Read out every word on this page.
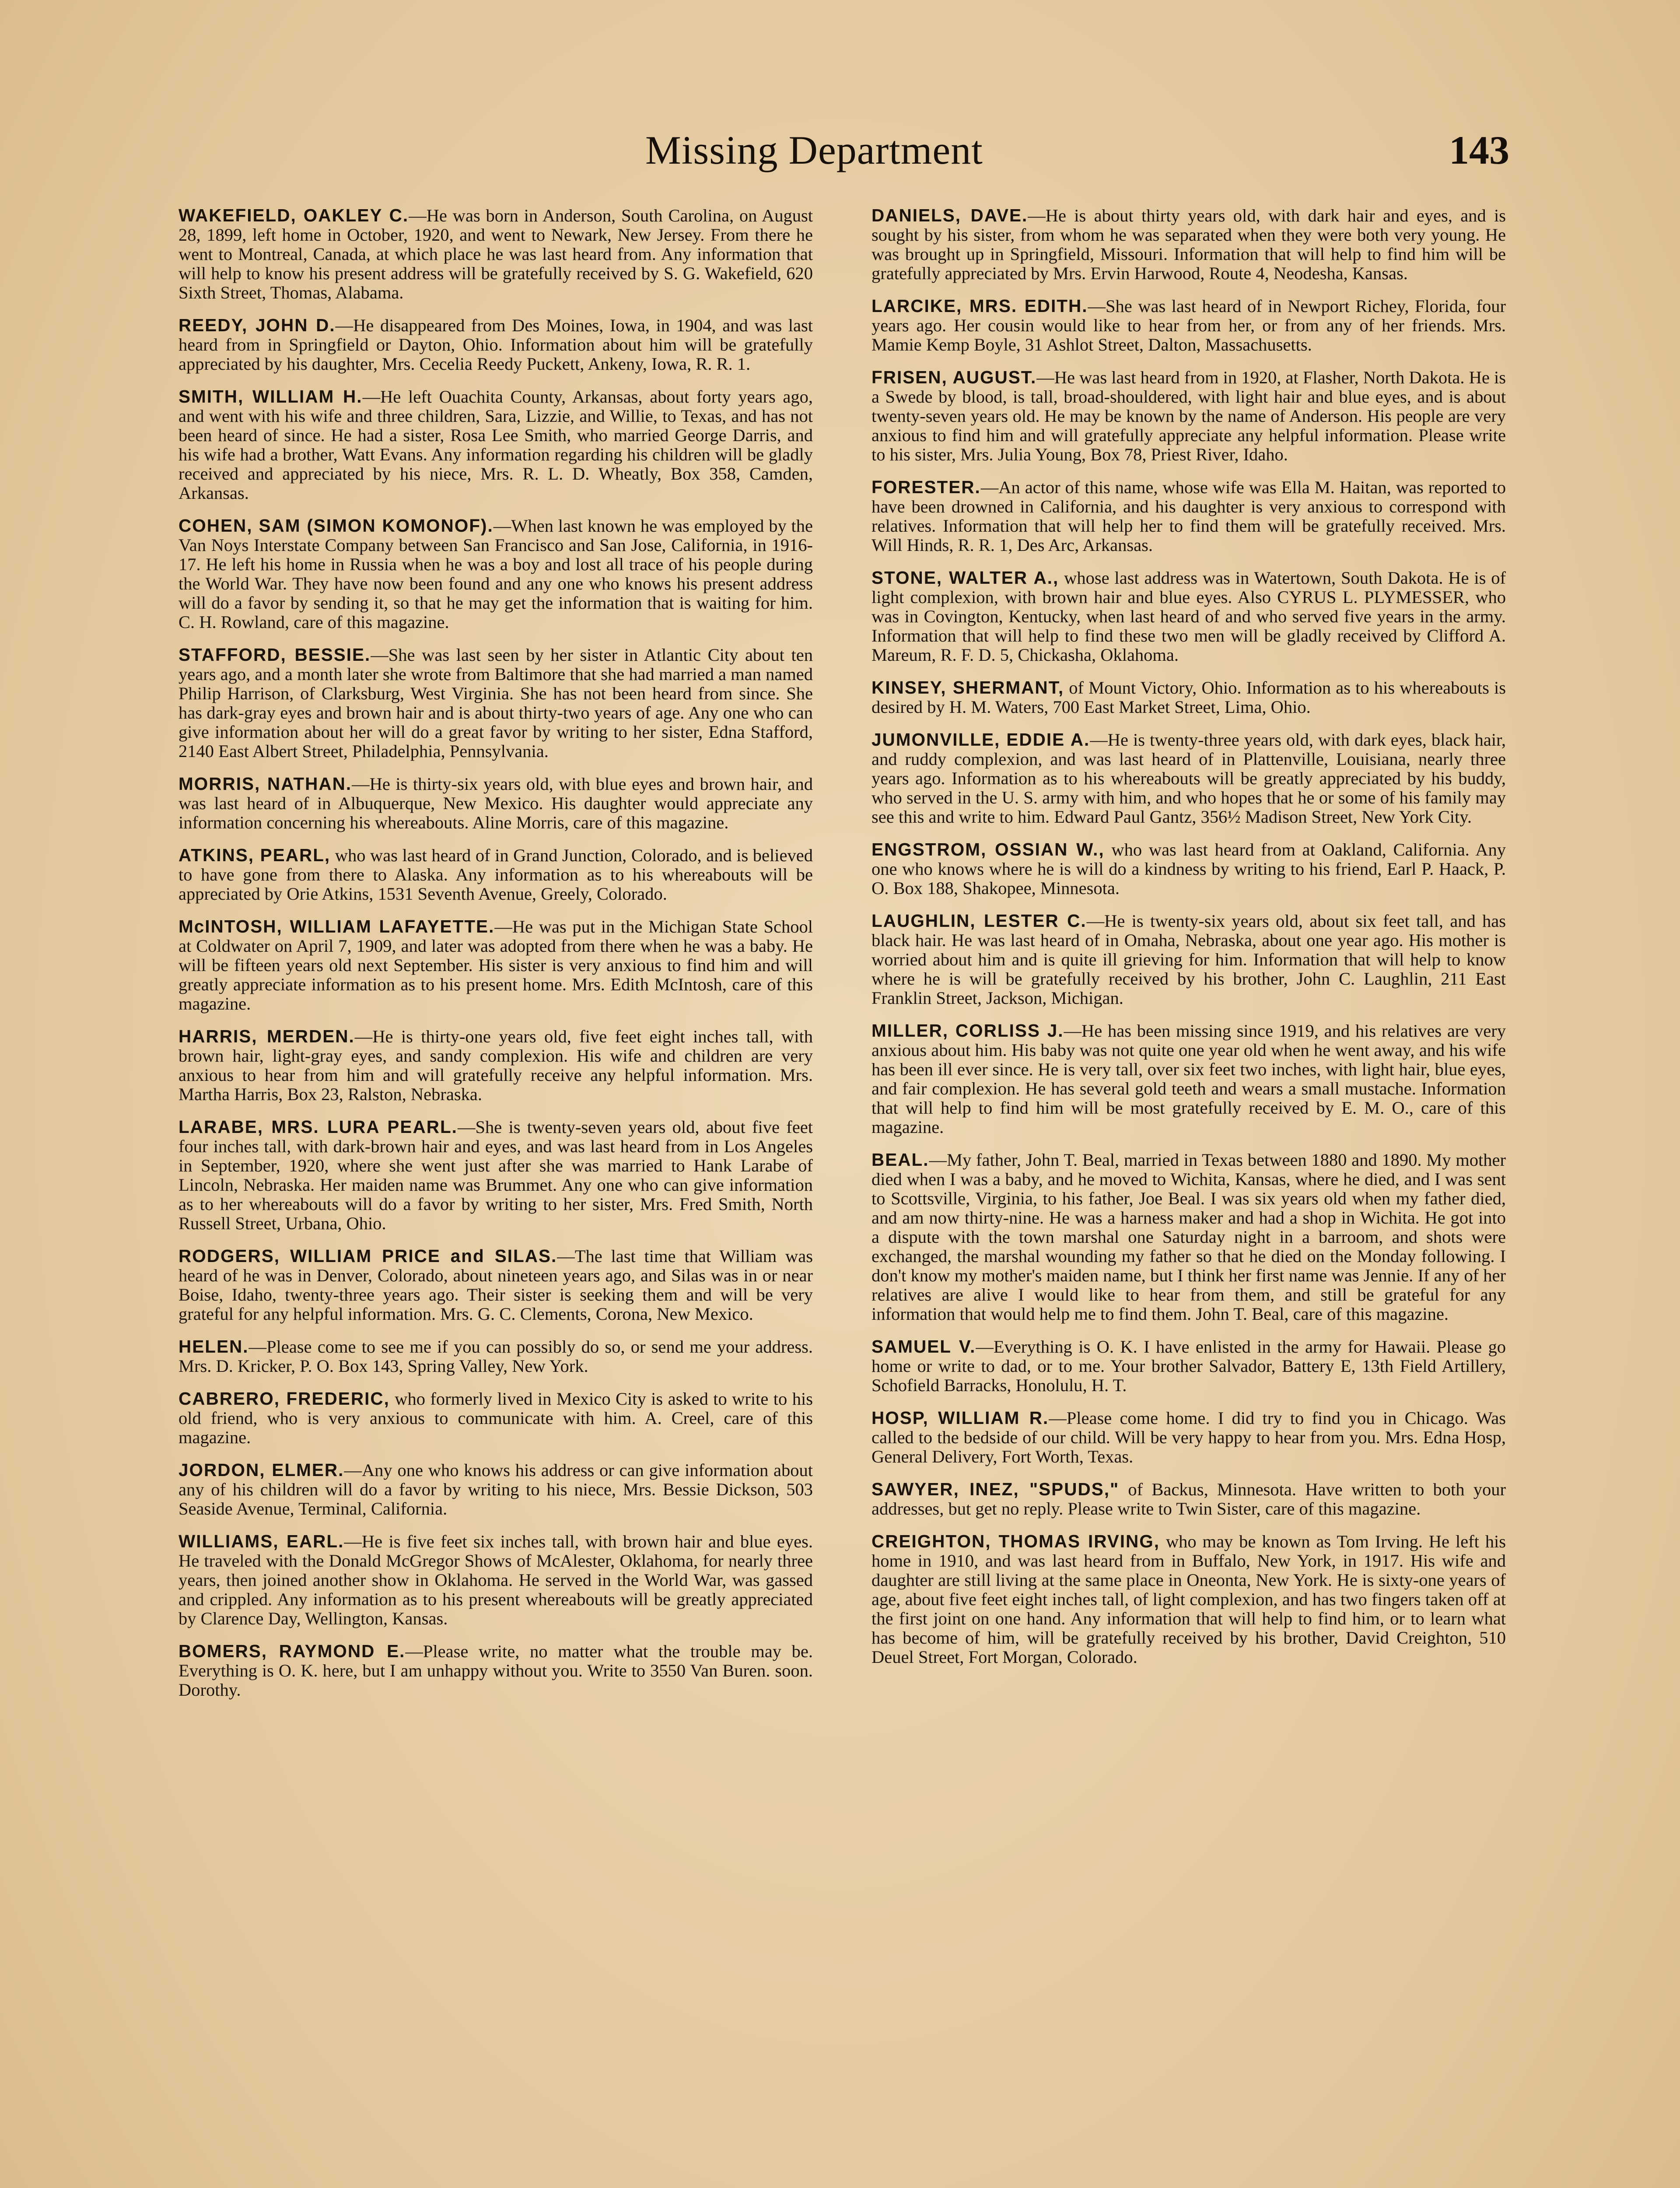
Missing Department	143

WAKEFIELD, OAKLEY C.—He was born in Anderson, South Carolina, on August 28, 1899, left home in October, 1920, and went to Newark, New Jersey. From there he went to Montreal, Canada, at which place he was last heard from. Any information that will help to know his present address will be gratefully received by S. G. Wakefield, 620 Sixth Street, Thomas, Alabama.

REEDY, JOHN D.—He disappeared from Des Moines, Iowa, in 1904, and was last heard from in Springfield or Dayton, Ohio. Information about him will be gratefully appreciated by his daughter, Mrs. Cecelia Reedy Puckett, Ankeny, Iowa, R. R. 1.

SMITH, WILLIAM H.—He left Ouachita County, Arkansas, about forty years ago, and went with his wife and three children, Sara, Lizzie, and Willie, to Texas, and has not been heard of since. He had a sister, Rosa Lee Smith, who married George Darris, and his wife had a brother, Watt Evans. Any information regarding his children will be gladly received and appreciated by his niece, Mrs. R. L. D. Wheatly, Box 358, Camden, Arkansas.

COHEN, SAM (SIMON KOMONOF).—When last known he was employed by the Van Noys Interstate Company between San Francisco and San Jose, California, in 1916-17. He left his home in Russia when he was a boy and lost all trace of his people during the World War. They have now been found and any one who knows his present address will do a favor by sending it, so that he may get the information that is waiting for him. C. H. Rowland, care of this magazine.

STAFFORD, BESSIE.—She was last seen by her sister in Atlantic City about ten years ago, and a month later she wrote from Baltimore that she had married a man named Philip Harrison, of Clarksburg, West Virginia. She has not been heard from since. She has dark-gray eyes and brown hair and is about thirty-two years of age. Any one who can give information about her will do a great favor by writing to her sister, Edna Stafford, 2140 East Albert Street, Philadelphia, Pennsylvania.

MORRIS, NATHAN.—He is thirty-six years old, with blue eyes and brown hair, and was last heard of in Albuquerque, New Mexico. His daughter would appreciate any information concerning his whereabouts. Aline Morris, care of this magazine.

ATKINS, PEARL, who was last heard of in Grand Junction, Colorado, and is believed to have gone from there to Alaska. Any information as to his whereabouts will be appreciated by Orie Atkins, 1531 Seventh Avenue, Greely, Colorado.

McINTOSH, WILLIAM LAFAYETTE.—He was put in the Michigan State School at Coldwater on April 7, 1909, and later was adopted from there when he was a baby. He will be fifteen years old next September. His sister is very anxious to find him and will greatly appreciate information as to his present home. Mrs. Edith McIntosh, care of this magazine.

HARRIS, MERDEN.—He is thirty-one years old, five feet eight inches tall, with brown hair, light-gray eyes, and sandy complexion. His wife and children are very anxious to hear from him and will gratefully receive any helpful information. Mrs. Martha Harris, Box 23, Ralston, Nebraska.

LARABE, MRS. LURA PEARL.—She is twenty-seven years old, about five feet four inches tall, with dark-brown hair and eyes, and was last heard from in Los Angeles in September, 1920, where she went just after she was married to Hank Larabe of Lincoln, Nebraska. Her maiden name was Brummet. Any one who can give information as to her whereabouts will do a favor by writing to her sister, Mrs. Fred Smith, North Russell Street, Urbana, Ohio.

RODGERS, WILLIAM PRICE and SILAS.—The last time that William was heard of he was in Denver, Colorado, about nineteen years ago, and Silas was in or near Boise, Idaho, twenty-three years ago. Their sister is seeking them and will be very grateful for any helpful information. Mrs. G. C. Clements, Corona, New Mexico.

HELEN.—Please come to see me if you can possibly do so, or send me your address. Mrs. D. Kricker, P. O. Box 143, Spring Valley, New York.

CABRERO, FREDERIC, who formerly lived in Mexico City is asked to write to his old friend, who is very anxious to communicate with him. A. Creel, care of this magazine.

JORDON, ELMER.—Any one who knows his address or can give information about any of his children will do a favor by writing to his niece, Mrs. Bessie Dickson, 503 Seaside Avenue, Terminal, California.

WILLIAMS, EARL.—He is five feet six inches tall, with brown hair and blue eyes. He traveled with the Donald McGregor Shows of McAlester, Oklahoma, for nearly three years, then joined another show in Oklahoma. He served in the World War, was gassed and crippled. Any information as to his present whereabouts will be greatly appreciated by Clarence Day, Wellington, Kansas.

BOMERS, RAYMOND E.—Please write, no matter what the trouble may be. Everything is O. K. here, but I am unhappy without you. Write to 3550 Van Buren. soon. Dorothy.

DANIELS, DAVE.—He is about thirty years old, with dark hair and eyes, and is sought by his sister, from whom he was separated when they were both very young. He was brought up in Springfield, Missouri. Information that will help to find him will be gratefully appreciated by Mrs. Ervin Harwood, Route 4, Neodesha, Kansas.

LARCIKE, MRS. EDITH.—She was last heard of in Newport Richey, Florida, four years ago. Her cousin would like to hear from her, or from any of her friends. Mrs. Mamie Kemp Boyle, 31 Ashlot Street, Dalton, Massachusetts.

FRISEN, AUGUST.—He was last heard from in 1920, at Flasher, North Dakota. He is a Swede by blood, is tall, broad-shouldered, with light hair and blue eyes, and is about twenty-seven years old. He may be known by the name of Anderson. His people are very anxious to find him and will gratefully appreciate any helpful information. Please write to his sister, Mrs. Julia Young, Box 78, Priest River, Idaho.

FORESTER.—An actor of this name, whose wife was Ella M. Haitan, was reported to have been drowned in California, and his daughter is very anxious to correspond with relatives. Information that will help her to find them will be gratefully received. Mrs. Will Hinds, R. R. 1, Des Arc, Arkansas.

STONE, WALTER A., whose last address was in Watertown, South Dakota. He is of light complexion, with brown hair and blue eyes. Also CYRUS L. PLYMESSER, who was in Covington, Kentucky, when last heard of and who served five years in the army. Information that will help to find these two men will be gladly received by Clifford A. Mareum, R. F. D. 5, Chickasha, Oklahoma.

KINSEY, SHERMANT, of Mount Victory, Ohio. Information as to his whereabouts is desired by H. M. Waters, 700 East Market Street, Lima, Ohio.

JUMONVILLE, EDDIE A.—He is twenty-three years old, with dark eyes, black hair, and ruddy complexion, and was last heard of in Plattenville, Louisiana, nearly three years ago. Information as to his whereabouts will be greatly appreciated by his buddy, who served in the U. S. army with him, and who hopes that he or some of his family may see this and write to him. Edward Paul Gantz, 356½ Madison Street, New York City.

ENGSTROM, OSSIAN W., who was last heard from at Oakland, California. Any one who knows where he is will do a kindness by writing to his friend, Earl P. Haack, P. O. Box 188, Shakopee, Minnesota.

LAUGHLIN, LESTER C.—He is twenty-six years old, about six feet tall, and has black hair. He was last heard of in Omaha, Nebraska, about one year ago. His mother is worried about him and is quite ill grieving for him. Information that will help to know where he is will be gratefully received by his brother, John C. Laughlin, 211 East Franklin Street, Jackson, Michigan.

MILLER, CORLISS J.—He has been missing since 1919, and his relatives are very anxious about him. His baby was not quite one year old when he went away, and his wife has been ill ever since. He is very tall, over six feet two inches, with light hair, blue eyes, and fair complexion. He has several gold teeth and wears a small mustache. Information that will help to find him will be most gratefully received by E. M. O., care of this magazine.

BEAL.—My father, John T. Beal, married in Texas between 1880 and 1890. My mother died when I was a baby, and he moved to Wichita, Kansas, where he died, and I was sent to Scottsville, Virginia, to his father, Joe Beal. I was six years old when my father died, and am now thirty-nine. He was a harness maker and had a shop in Wichita. He got into a dispute with the town marshal one Saturday night in a barroom, and shots were exchanged, the marshal wounding my father so that he died on the Monday following. I don't know my mother's maiden name, but I think her first name was Jennie. If any of her relatives are alive I would like to hear from them, and still be grateful for any information that would help me to find them. John T. Beal, care of this magazine.

SAMUEL V.—Everything is O. K. I have enlisted in the army for Hawaii. Please go home or write to dad, or to me. Your brother Salvador, Battery E, 13th Field Artillery, Schofield Barracks, Honolulu, H. T.

HOSP, WILLIAM R.—Please come home. I did try to find you in Chicago. Was called to the bedside of our child. Will be very happy to hear from you. Mrs. Edna Hosp, General Delivery, Fort Worth, Texas.

SAWYER, INEZ, "SPUDS," of Backus, Minnesota. Have written to both your addresses, but get no reply. Please write to Twin Sister, care of this magazine.

CREIGHTON, THOMAS IRVING, who may be known as Tom Irving. He left his home in 1910, and was last heard from in Buffalo, New York, in 1917. His wife and daughter are still living at the same place in Oneonta, New York. He is sixty-one years of age, about five feet eight inches tall, of light complexion, and has two fingers taken off at the first joint on one hand. Any information that will help to find him, or to learn what has become of him, will be gratefully received by his brother, David Creighton, 510 Deuel Street, Fort Morgan, Colorado.
